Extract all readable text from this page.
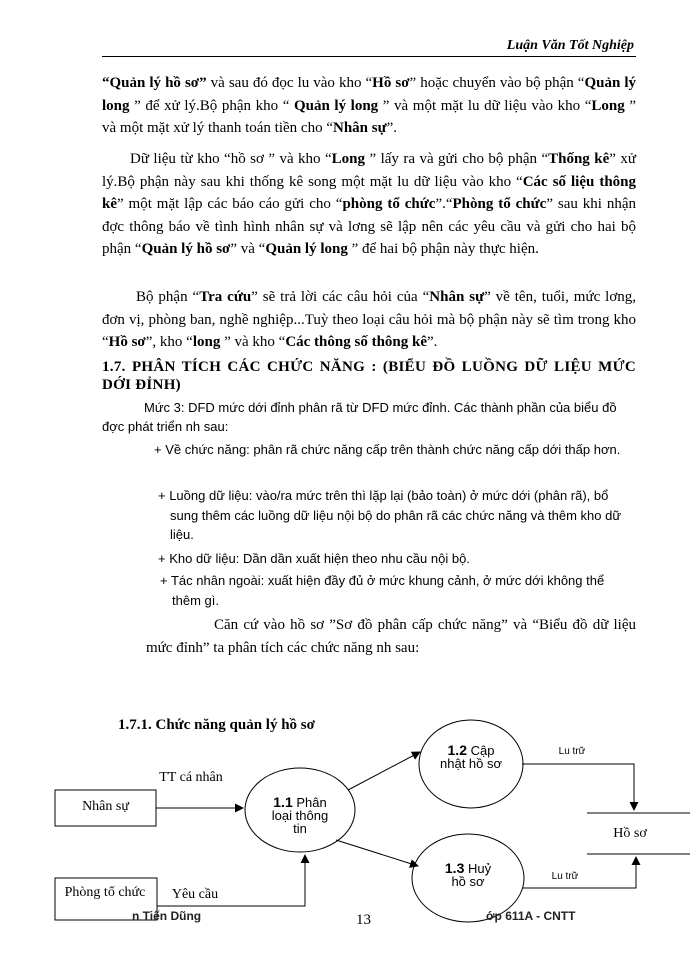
Luận Văn Tốt Nghiệp

“Quản lý hồ sơ” và sau đó đọc lu vào kho “Hồ sơ” hoặc chuyển vào bộ phận “Quản lý long ” để xử lý.Bộ phận kho “ Quản lý long ” và một mặt lu dữ liệu vào kho “Long ” và một mặt xử lý thanh toán tiền cho “Nhân sự”.

Dữ liệu từ kho “hồ sơ ” và kho “Long ” lấy ra và gửi cho bộ phận “Thống kê” xử lý.Bộ phận này sau khi thống kê song một mặt lu dữ liệu vào kho “Các số liệu thông kê” một mặt lập các báo cáo gửi cho “phòng tổ chức”.“Phòng tổ chức” sau khi nhận đợc thông báo về tình hình nhân sự và lơng sẽ lập nên các yêu cầu và gửi cho hai bộ phận “Quản lý hồ sơ” và “Quản lý long ” để hai bộ phận này thực hiện.

Bộ phận “Tra cứu” sẽ trả lời các câu hỏi của “Nhân sự” về tên, tuổi, mức lơng, đơn vị, phòng ban, nghề nghiệp...Tuỳ theo loại câu hỏi mà bộ phận này sẽ tìm trong kho “Hồ sơ”, kho “long ” và kho “Các thông số thông kê”.

1.7. PHÂN TÍCH CÁC CHỨC NĂNG : (BIỂU ĐỒ LUỒNG DỮ LIỆU MỨC DỚI ĐỈNH)

Mức 3: DFD mức dới đỉnh phân rã từ DFD mức đỉnh. Các thành phần của biểu đồ đợc phát triển nh sau:

+ Về chức năng: phân rã chức năng cấp trên thành chức năng cấp dới thấp hơn.

+ Luồng dữ liệu: vào/ra mức trên thì lặp lại (bảo toàn) ở mức dới (phân rã), bổ sung thêm các luồng dữ liệu nội bộ do phân rã các chức năng và thêm kho dữ liệu.

+ Kho dữ liệu: Dần dần xuất hiện theo nhu cầu nội bộ.

+ Tác nhân ngoài: xuất hiện đầy đủ ở mức khung cảnh, ở mức dới không thể thêm gì.

Căn cứ vào hồ sơ ”Sơ đồ phân cấp chức năng” và “Biểu đồ dữ liệu mức đỉnh” ta phân tích các chức năng nh sau:

1.7.1. Chức năng quản lý hồ sơ
Nhân sự
Phòng tổ chức
1.1 Phân loại thông tin
1.2 Cập nhật hồ sơ
1.3 Huỷ hồ sơ
Hồ sơ
TT cá nhân
Yêu cầu
Lu trữ
Lu trữ
n Tiến Dũng	13	ớp 611A - CNTT
